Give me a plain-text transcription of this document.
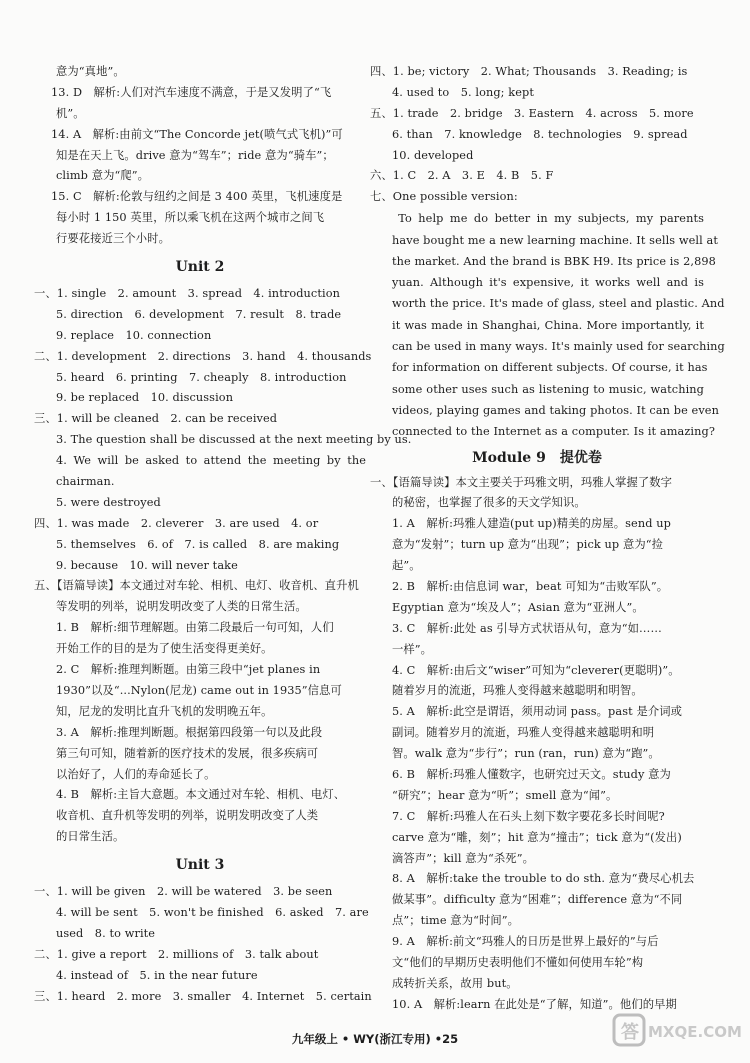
意为“真地”。
13. D　解析:人们对汽车速度不满意，于是又发明了“飞
机”。
14. A　解析:由前文“The Concorde jet(喷气式飞机)”可
知是在天上飞。drive 意为“驾车”；ride 意为“骑车”；
climb 意为“爬”。
15. C　解析:伦敦与纽约之间是 3 400 英里，飞机速度是
每小时 1 150 英里，所以乘飞机在这两个城市之间飞
行要花接近三个小时。
Unit 2
一、1. single　2. amount　3. spread　4. introduction
5. direction　6. development　7. result　8. trade
9. replace　10. connection
二、1. development　2. directions　3. hand　4. thousands
5. heard　6. printing　7. cheaply　8. introduction
9. be replaced　10. discussion
三、1. will be cleaned　2. can be received
3. The question shall be discussed at the next meeting by us.
4. We will be asked to attend the meeting by the
chairman.
5. were destroyed
四、1. was made　2. cleverer　3. are used　4. or
5. themselves　6. of　7. is called　8. are making
9. because　10. will never take
五、【语篇导读】本文通过对车轮、相机、电灯、收音机、直升机
等发明的列举，说明发明改变了人类的日常生活。
1. B　解析:细节理解题。由第二段最后一句可知，人们
开始工作的目的是为了使生活变得更美好。
2. C　解析:推理判断题。由第三段中“jet planes in
1930”以及“...Nylon(尼龙) came out in 1935”信息可
知，尼龙的发明比直升飞机的发明晚五年。
3. A　解析:推理判断题。根据第四段第一句以及此段
第三句可知，随着新的医疗技术的发展，很多疾病可
以治好了，人们的寿命延长了。
4. B　解析:主旨大意题。本文通过对车轮、相机、电灯、
收音机、直升机等发明的列举，说明发明改变了人类
的日常生活。
Unit 3
一、1. will be given　2. will be watered　3. be seen
4. will be sent　5. won't be finished　6. asked　7. are
used　8. to write
二、1. give a report　2. millions of　3. talk about
4. instead of　5. in the near future
三、1. heard　2. more　3. smaller　4. Internet　5. certain
四、1. be; victory　2. What; Thousands　3. Reading; is
4. used to　5. long; kept
五、1. trade　2. bridge　3. Eastern　4. across　5. more
6. than　7. knowledge　8. technologies　9. spread
10. developed
六、1. C　2. A　3. E　4. B　5. F
七、One possible version:
　　To help me do better in my subjects, my parents
have bought me a new learning machine. It sells well at
the market. And the brand is BBK H9. Its price is 2,898
yuan. Although it's expensive, it works well and is
worth the price. It's made of glass, steel and plastic. And
it was made in Shanghai, China. More importantly, it
can be used in many ways. It's mainly used for searching
for information on different subjects. Of course, it has
some other uses such as listening to music, watching
videos, playing games and taking photos. It can be even
connected to the Internet as a computer. Is it amazing?
Module 9　提优卷
一、【语篇导读】本文主要关于玛雅文明，玛雅人掌握了数字
的秘密，也掌握了很多的天文学知识。
1. A　解析:玛雅人建造(put up)精美的房屋。send up
意为“发射”；turn up 意为“出现”；pick up 意为“捡
起”。
2. B　解析:由信息词 war，beat 可知为“击败军队”。
Egyptian 意为“埃及人”；Asian 意为“亚洲人”。
3. C　解析:此处 as 引导方式状语从句，意为“如……
一样”。
4. C　解析:由后文“wiser”可知为“cleverer(更聪明)”。
随着岁月的流逝，玛雅人变得越来越聪明和明智。
5. A　解析:此空是谓语，须用动词 pass。past 是介词或
副词。随着岁月的流逝，玛雅人变得越来越聪明和明
智。walk 意为“步行”；run (ran，run) 意为“跑”。
6. B　解析:玛雅人懂数字，也研究过天文。study 意为
“研究”；hear 意为“听”；smell 意为“闻”。
7. C　解析:玛雅人在石头上刻下数字要花多长时间呢?
carve 意为“雕，刻”；hit 意为“撞击”；tick 意为“(发出)
滴答声”；kill 意为“杀死”。
8. A　解析:take the trouble to do sth. 意为“费尽心机去
做某事”。difficulty 意为“困难”；difference 意为“不同
点”；time 意为“时间”。
9. A　解析:前文“玛雅人的日历是世界上最好的”与后
文“他们的早期历史表明他们不懂如何使用车轮”构
成转折关系，故用 but。
10. A　解析:learn 在此处是“了解，知道”。他们的早期
九年级上 • WY(浙江专用) •25	答 MXQE.COM
